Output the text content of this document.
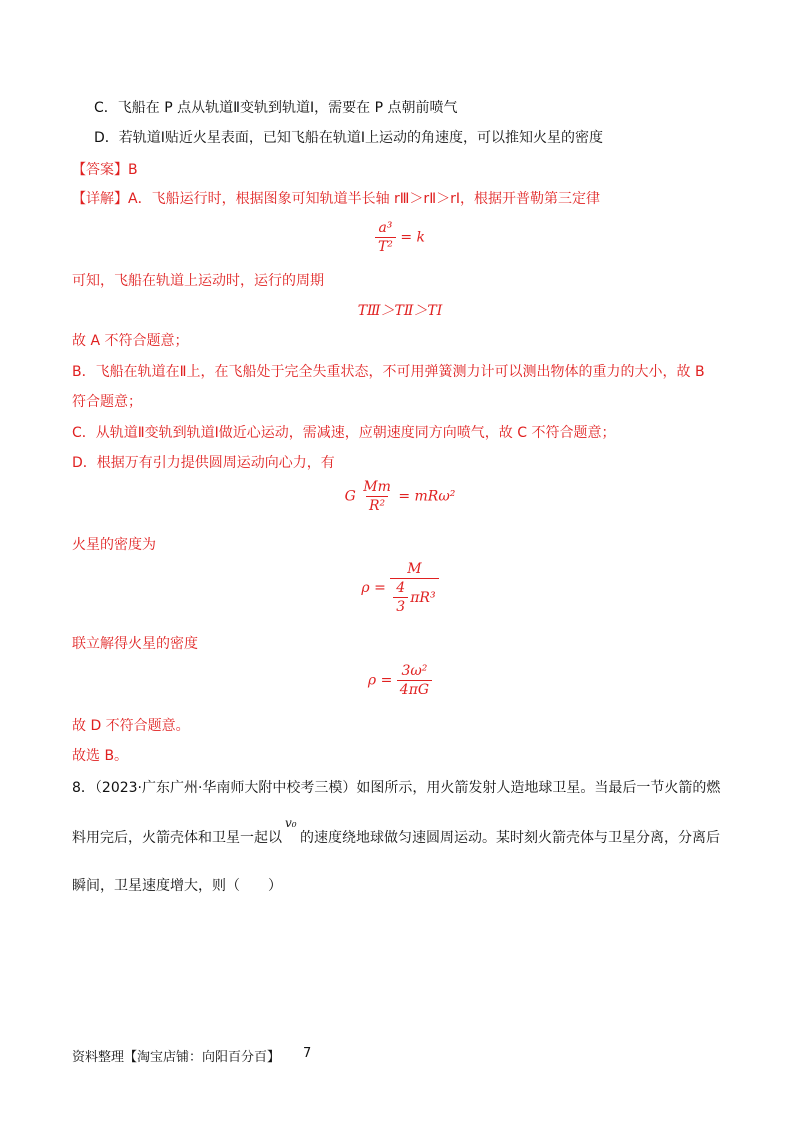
C．飞船在 P 点从轨道Ⅱ变轨到轨道Ⅰ，需要在 P 点朝前喷气
D．若轨道Ⅰ贴近火星表面，已知飞船在轨道Ⅰ上运动的角速度，可以推知火星的密度
【答案】B
【详解】A．飞船运行时，根据图象可知轨道半长轴 rⅢ＞rⅡ＞rⅠ，根据开普勒第三定律
$\frac{\text{a³}}{\text{T²}} = k$
可知，飞船在轨道上运动时，运行的周期
TⅢ＞TⅡ＞TⅠ
故 A 不符合题意；
B．飞船在轨道在Ⅱ上，在飞船处于完全失重状态，不可用弹簧测力计可以测出物体的重力的大小，故 B
符合题意；
C．从轨道Ⅱ变轨到轨道Ⅰ做近心运动，需减速，应朝速度同方向喷气，故 C 不符合题意；
D．根据万有引力提供圆周运动向心力，有
G $\frac{Mm}{\text{R²}} = mR\omega^2$
火星的密度为
$\rho = \frac{M}{\frac{4}{3} \pi R^3}$
联立解得火星的密度
$\rho = \frac{\text{3ω²}}{4\pi G}$
故 D 不符合题意。
故选 B。
8．（2023·广东广州·华南师大附中校考三模）如图所示，用火箭发射人造地球卫星。当最后一节火箭的燃
料用完后，火箭壳体和卫星一起以 的速度绕地球做匀速圆周运动。某时刻火箭壳体与卫星分离，分离后
v₀
瞬间，卫星速度增大，则（　　）
资料整理【淘宝店铺：向阳百分百】 7
